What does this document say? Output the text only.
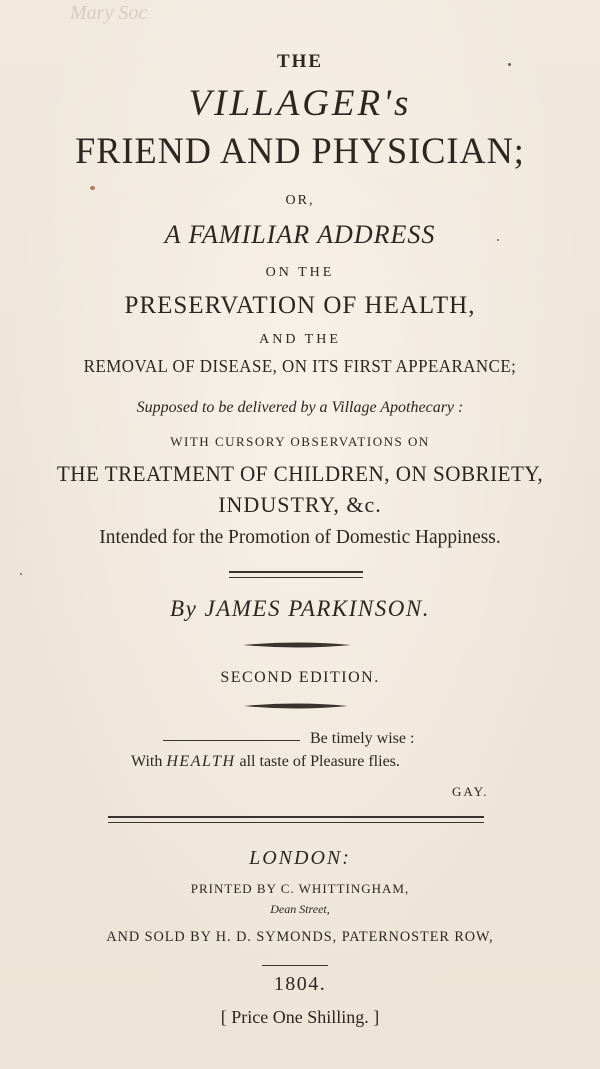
Mary Soc
THE
VILLAGER's
FRIEND AND PHYSICIAN;
OR,
A FAMILIAR ADDRESS
ON THE
PRESERVATION OF HEALTH,
AND THE
REMOVAL OF DISEASE, ON ITS FIRST APPEARANCE;
Supposed to be delivered by a Village Apothecary :
WITH CURSORY OBSERVATIONS ON
THE TREATMENT OF CHILDREN, ON SOBRIETY,
INDUSTRY, &c.
Intended for the Promotion of Domestic Happiness.
By JAMES PARKINSON.
SECOND EDITION.
Be timely wise :
With HEALTH all taste of Pleasure flies.
GAY.
LONDON:
PRINTED BY C. WHITTINGHAM,
Dean Street,
AND SOLD BY H. D. SYMONDS, PATERNOSTER ROW,
1804.
[ Price One Shilling. ]
